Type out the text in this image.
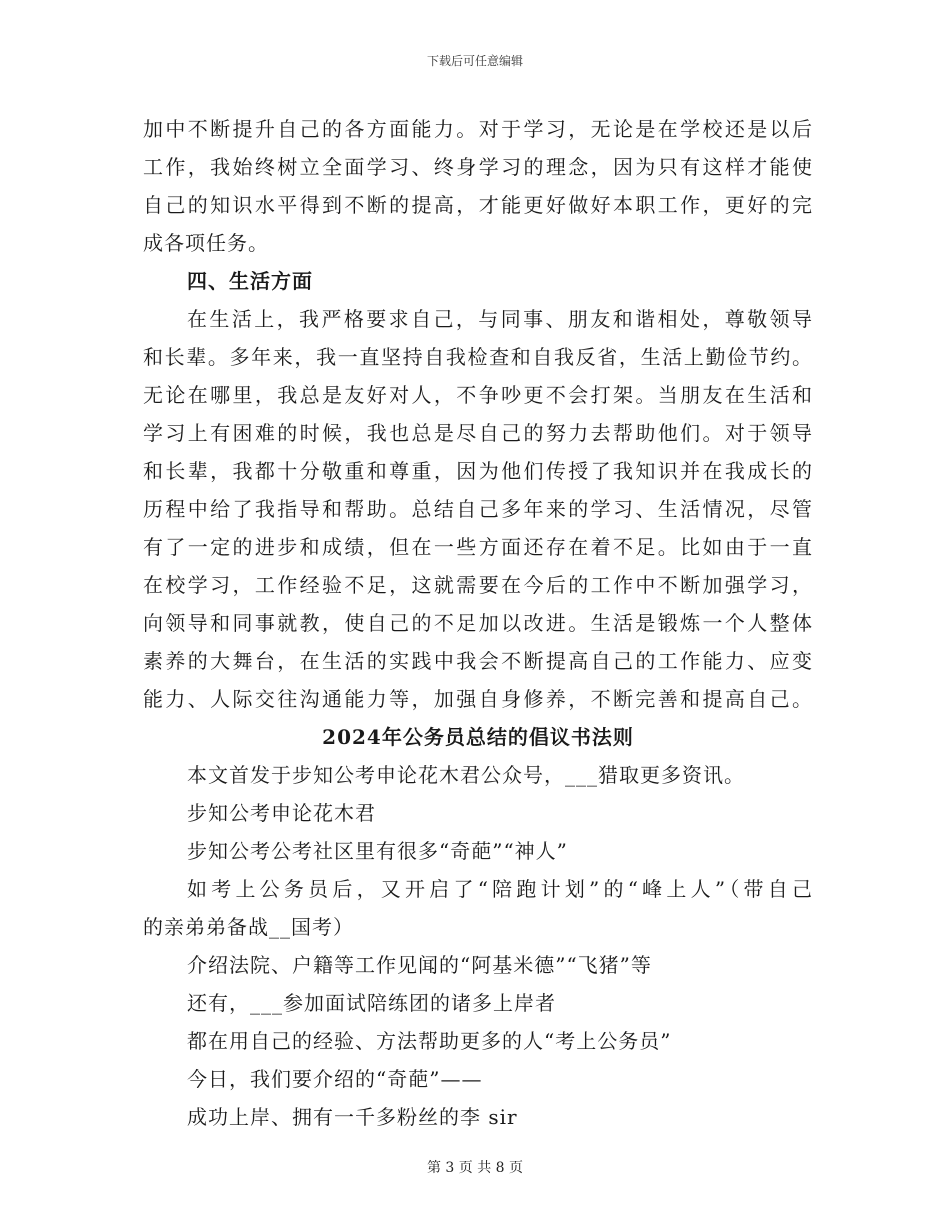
下载后可任意编辑
加中不断提升自己的各方面能力。对于学习，无论是在学校还是以后
工作，我始终树立全面学习、终身学习的理念，因为只有这样才能使
自己的知识水平得到不断的提高，才能更好做好本职工作，更好的完
成各项任务。
四、生活方面
在生活上，我严格要求自己，与同事、朋友和谐相处，尊敬领导
和长辈。多年来，我一直坚持自我检查和自我反省，生活上勤俭节约。
无论在哪里，我总是友好对人，不争吵更不会打架。当朋友在生活和
学习上有困难的时候，我也总是尽自己的努力去帮助他们。对于领导
和长辈，我都十分敬重和尊重，因为他们传授了我知识并在我成长的
历程中给了我指导和帮助。总结自己多年来的学习、生活情况，尽管
有了一定的进步和成绩，但在一些方面还存在着不足。比如由于一直
在校学习，工作经验不足，这就需要在今后的工作中不断加强学习，
向领导和同事就教，使自己的不足加以改进。生活是锻炼一个人整体
素养的大舞台，在生活的实践中我会不断提高自己的工作能力、应变
能力、人际交往沟通能力等，加强自身修养，不断完善和提高自己。
2024年公务员总结的倡议书法则
本文首发于步知公考申论花木君公众号，___猎取更多资讯。
步知公考申论花木君
步知公考公考社区里有很多“奇葩”“神人”
如考上公务员后，又开启了“陪跑计划”的“峰上人”（带自己
的亲弟弟备战__国考）
介绍法院、户籍等工作见闻的“阿基米德”“飞猪”等
还有，___参加面试陪练团的诸多上岸者
都在用自己的经验、方法帮助更多的人“考上公务员”
今日，我们要介绍的“奇葩”——
成功上岸、拥有一千多粉丝的李 sir
第 3 页 共 8 页
